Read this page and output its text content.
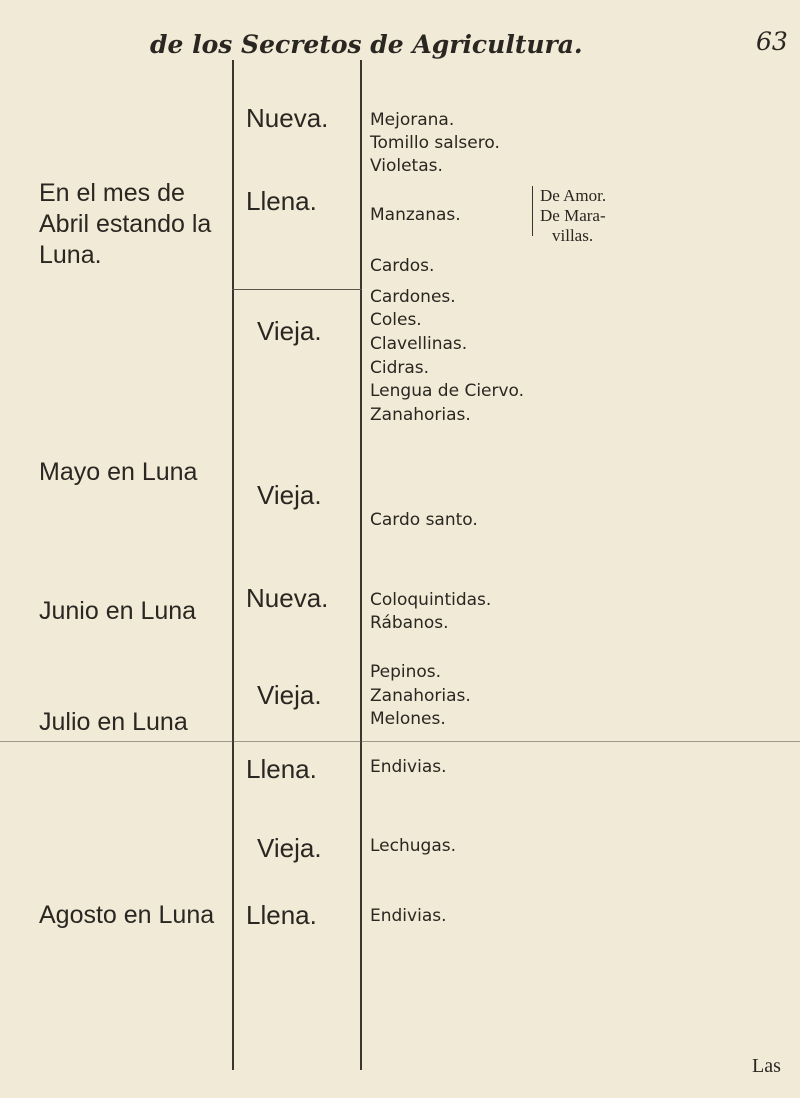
de los Secretos de Agricultura.	63
En el mes de Abril estando la Luna.
Mayo en Luna
Junio en Luna
Julio en Luna
Agosto en Luna
Nueva.
Llena.
Vieja.
Vieja.
Nueva.
Vieja.
Llena.
Vieja.
Llena.
Mejorana.
Tomillo salsero.
Violetas.
Manzanas.
Cardos.
Cardones.
Coles.
Clavellinas.
Cidras.
Lengua de Ciervo.
Zanahorias.
Cardo santo.
Coloquintidas.
Rábanos.
Pepinos.
Zanahorias.
Melones.
Endivias.
Lechugas.
Endivias.
De Amor.
De Mara-
villas.
Las
